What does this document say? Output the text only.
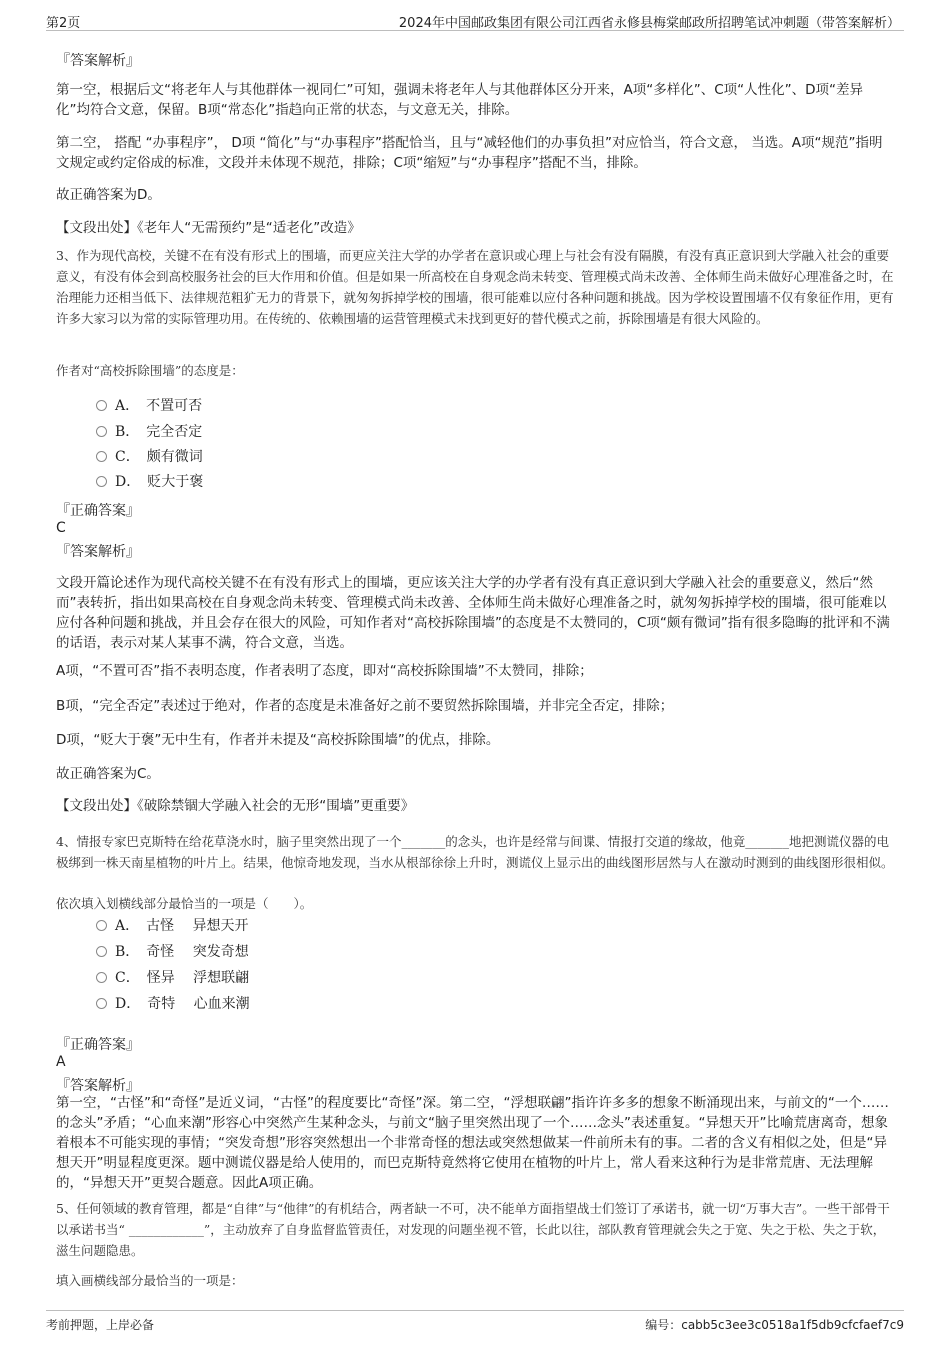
第2页	2024年中国邮政集团有限公司江西省永修县梅棠邮政所招聘笔试冲刺题（带答案解析）
『答案解析』

第一空，根据后文“将老年人与其他群体一视同仁”可知，强调未将老年人与其他群体区分开来，A项“多样化”、C项“人性化”、D项“差异化”均符合文意，保留。B项“常态化”指趋向正常的状态，与文意无关，排除。

第二空， 搭配 “办事程序”， D项 “简化”与“办事程序”搭配恰当，且与“减轻他们的办事负担”对应恰当，符合文意， 当选。A项“规范”指明文规定或约定俗成的标准，文段并未体现不规范，排除；C项“缩短”与“办事程序”搭配不当，排除。

故正确答案为D。

【文段出处】《老年人“无需预约”是“适老化”改造》

3、作为现代高校，关键不在有没有形式上的围墙，而更应关注大学的办学者在意识或心理上与社会有没有隔膜，有没有真正意识到大学融入社会的重要意义，有没有体会到高校服务社会的巨大作用和价值。但是如果一所高校在自身观念尚未转变、管理模式尚未改善、全体师生尚未做好心理准备之时，在治理能力还相当低下、法律规范粗犷无力的背景下，就匆匆拆掉学校的围墙，很可能难以应付各种问题和挑战。因为学校设置围墙不仅有象征作用，更有许多大家习以为常的实际管理功用。在传统的、依赖围墙的运营管理模式未找到更好的替代模式之前，拆除围墙是有很大风险的。

作者对“高校拆除围墙”的态度是：

A．　不置可否
B．　完全否定
C．　颇有微词
D．　贬大于褒
『正确答案』
C
『答案解析』

文段开篇论述作为现代高校关键不在有没有形式上的围墙，更应该关注大学的办学者有没有真正意识到大学融入社会的重要意义，然后“然而”表转折，指出如果高校在自身观念尚未转变、管理模式尚未改善、全体师生尚未做好心理准备之时，就匆匆拆掉学校的围墙，很可能难以应付各种问题和挑战，并且会存在很大的风险，可知作者对“高校拆除围墙”的态度是不太赞同的，C项“颇有微词”指有很多隐晦的批评和不满的话语，表示对某人某事不满，符合文意，当选。

A项，“不置可否”指不表明态度，作者表明了态度，即对“高校拆除围墙”不太赞同，排除；

B项，“完全否定”表述过于绝对，作者的态度是未准备好之前不要贸然拆除围墙，并非完全否定，排除；

D项，“贬大于褒”无中生有，作者并未提及“高校拆除围墙”的优点，排除。

故正确答案为C。

【文段出处】《破除禁锢大学融入社会的无形“围墙”更重要》

4、情报专家巴克斯特在给花草浇水时，脑子里突然出现了一个_______的念头，也许是经常与间谍、情报打交道的缘故，他竟_______地把测谎仪器的电极绑到一株天南星植物的叶片上。结果，他惊奇地发现，当水从根部徐徐上升时，测谎仪上显示出的曲线图形居然与人在激动时测到的曲线图形很相似。

依次填入划横线部分最恰当的一项是（　　）。

A．　古怪　 异想天开
B．　奇怪　 突发奇想
C．　怪异　 浮想联翩
D．　奇特　 心血来潮
『正确答案』
A
『答案解析』

第一空，“古怪”和“奇怪”是近义词，“古怪”的程度要比“奇怪”深。第二空，“浮想联翩”指许许多多的想象不断涌现出来，与前文的“一个……的念头”矛盾；“心血来潮”形容心中突然产生某种念头，与前文“脑子里突然出现了一个……念头”表述重复。“异想天开”比喻荒唐离奇，想象着根本不可能实现的事情；“突发奇想”形容突然想出一个非常奇怪的想法或突然想做某一件前所未有的事。二者的含义有相似之处，但是“异想天开”明显程度更深。题中测谎仪器是给人使用的，而巴克斯特竟然将它使用在植物的叶片上，常人看来这种行为是非常荒唐、无法理解的，“异想天开”更契合题意。因此A项正确。

5、任何领域的教育管理，都是“自律”与“他律”的有机结合，两者缺一不可，决不能单方面指望战士们签订了承诺书，就一切“万事大吉”。一些干部骨干以承诺书当“ ____________”，主动放弃了自身监督监管责任，对发现的问题坐视不管，长此以往，部队教育管理就会失之于宽、失之于松、失之于软，滋生问题隐患。

填入画横线部分最恰当的一项是：

考前押题，上岸必备	编号：cabb5c3ee3c0518a1f5db9cfcfaef7c9
